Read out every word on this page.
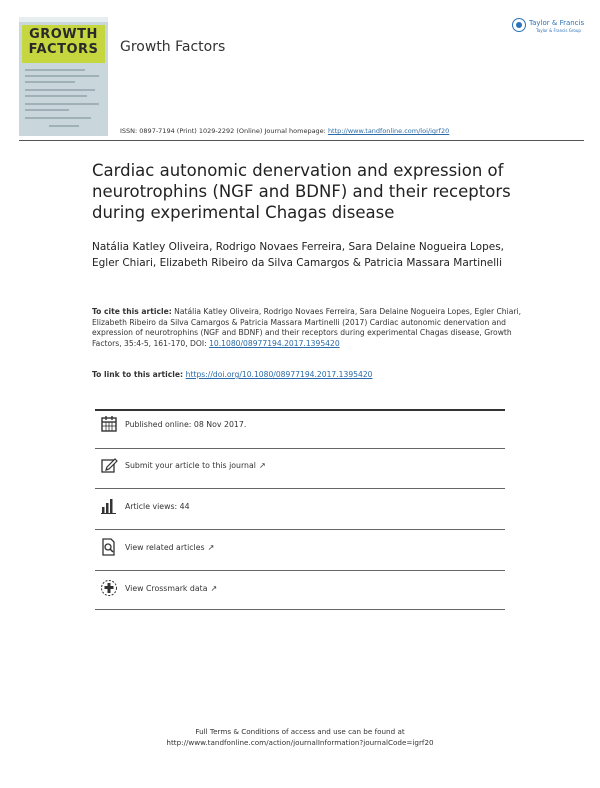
GROWTH
FACTORS	Growth Factors
Taylor & Francis
Taylor & Francis Group
ISSN: 0897-7194 (Print) 1029-2292 (Online) Journal homepage: http://www.tandfonline.com/loi/igrf20
Cardiac autonomic denervation and expression of neurotrophins (NGF and BDNF) and their receptors during experimental Chagas disease
Natália Katley Oliveira, Rodrigo Novaes Ferreira, Sara Delaine Nogueira Lopes, Egler Chiari, Elizabeth Ribeiro da Silva Camargos & Patricia Massara Martinelli
To cite this article: Natália Katley Oliveira, Rodrigo Novaes Ferreira, Sara Delaine Nogueira Lopes, Egler Chiari, Elizabeth Ribeiro da Silva Camargos & Patricia Massara Martinelli (2017) Cardiac autonomic denervation and expression of neurotrophins (NGF and BDNF) and their receptors during experimental Chagas disease, Growth Factors, 35:4-5, 161-170, DOI: 10.1080/08977194.2017.1395420
To link to this article: https://doi.org/10.1080/08977194.2017.1395420
Published online: 08 Nov 2017.
Submit your article to this journal ↗
Article views: 44
View related articles ↗
View Crossmark data ↗
Full Terms & Conditions of access and use can be found at
http://www.tandfonline.com/action/journalInformation?journalCode=igrf20
